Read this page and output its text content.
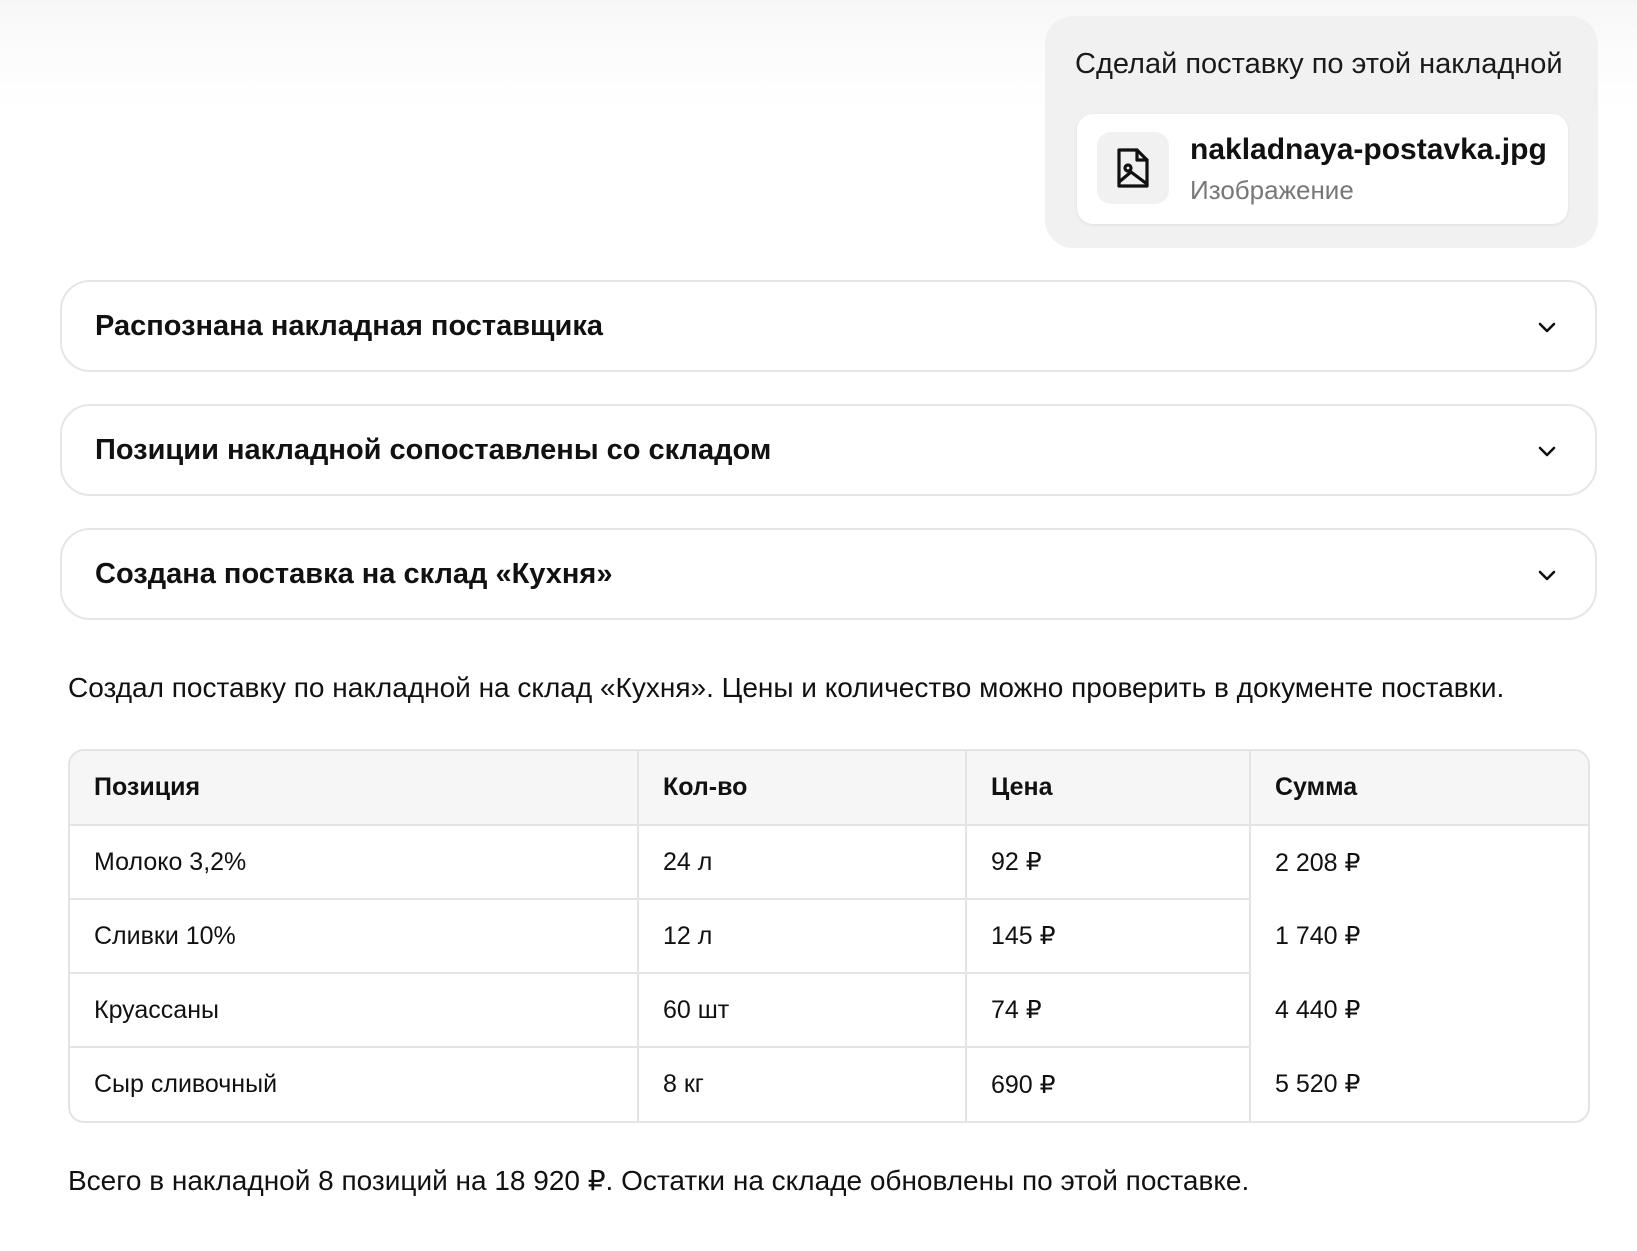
Сделай поставку по этой накладной
nakladnaya-postavka.jpg
Изображение
Распознана накладная поставщика
Позиции накладной сопоставлены со складом
Создана поставка на склад «Кухня»
Создал поставку по накладной на склад «Кухня». Цены и количество можно проверить в документе поставки.
Позиция	Кол-во	Цена	Сумма
Молоко 3,2%	24 л	92 ₽	2 208 ₽
Сливки 10%	12 л	145 ₽	1 740 ₽
Круассаны	60 шт	74 ₽	4 440 ₽
Сыр сливочный	8 кг	690 ₽	5 520 ₽
Всего в накладной 8 позиций на 18 920 ₽. Остатки на складе обновлены по этой поставке.
